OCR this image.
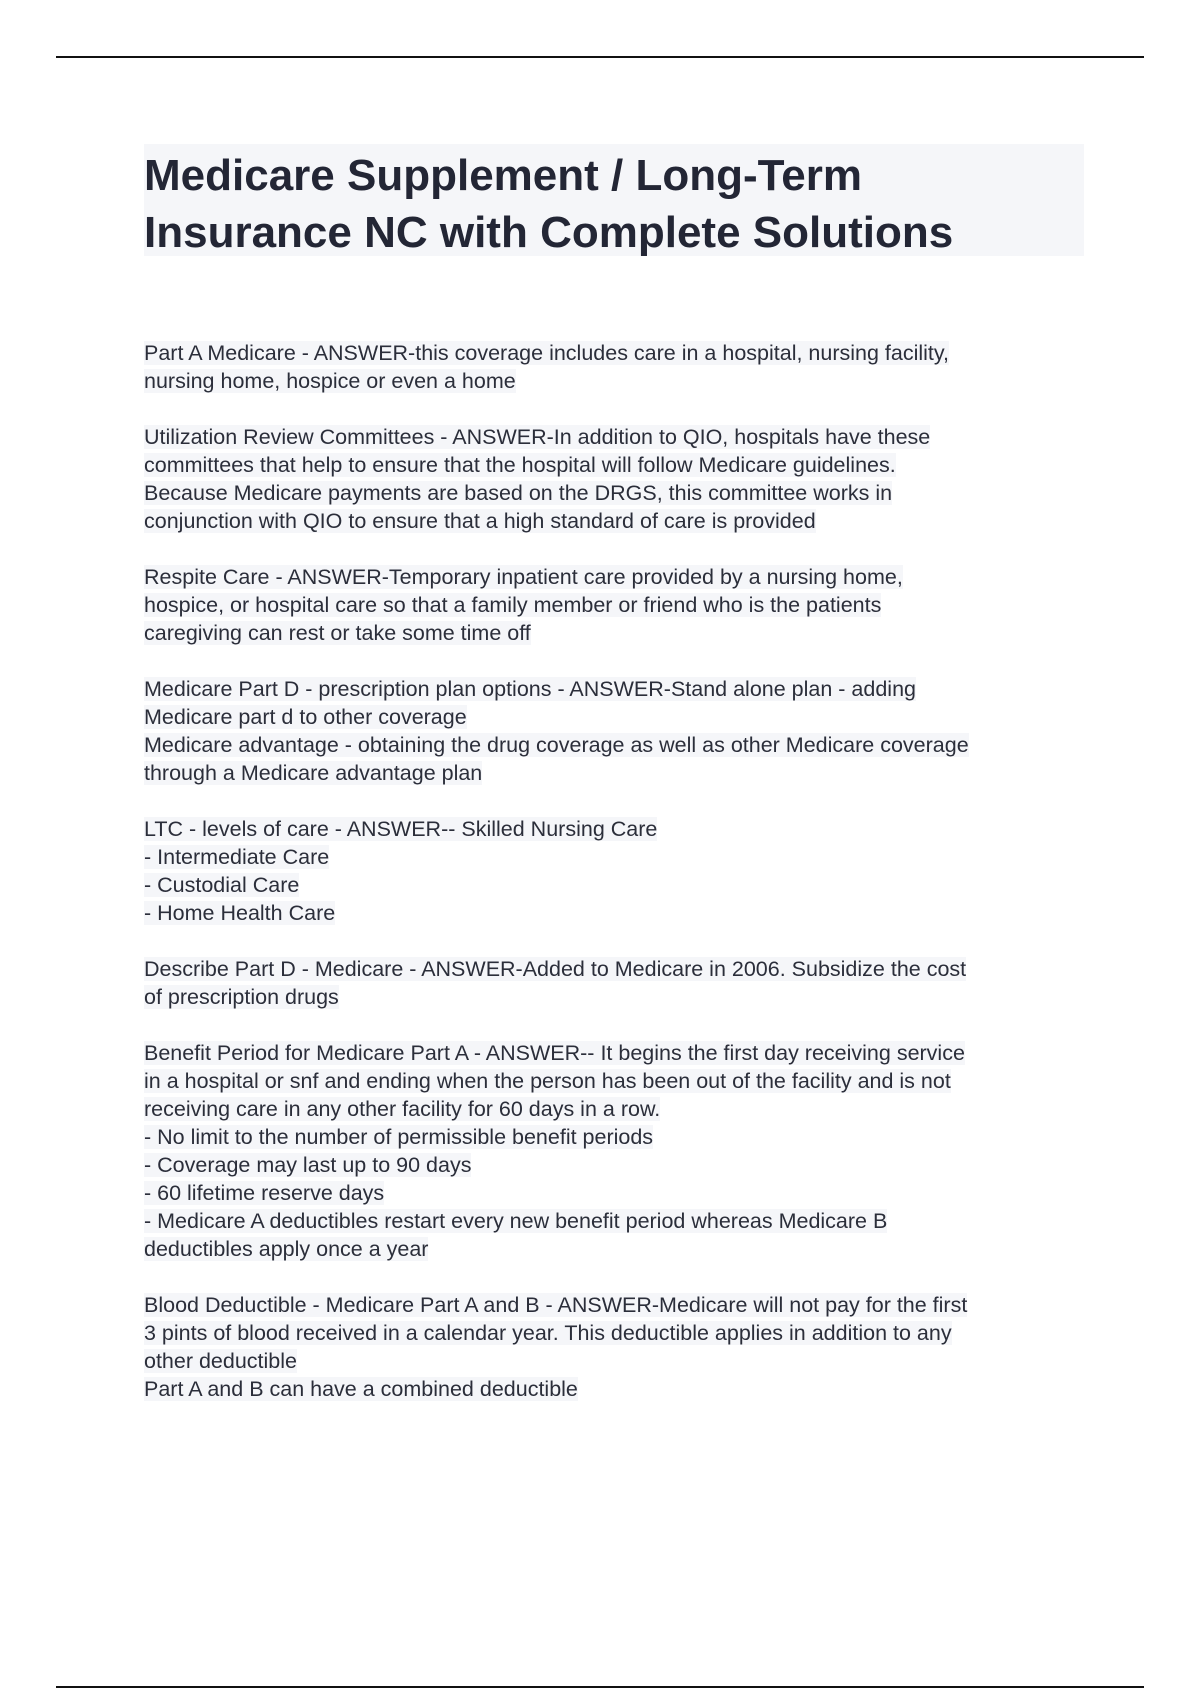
Medicare Supplement / Long-Term
Insurance NC with Complete Solutions
Part A Medicare - ANSWER-this coverage includes care in a hospital, nursing facility,
nursing home, hospice or even a home
Utilization Review Committees - ANSWER-In addition to QIO, hospitals have these
committees that help to ensure that the hospital will follow Medicare guidelines.
Because Medicare payments are based on the DRGS, this committee works in
conjunction with QIO to ensure that a high standard of care is provided
Respite Care - ANSWER-Temporary inpatient care provided by a nursing home,
hospice, or hospital care so that a family member or friend who is the patients
caregiving can rest or take some time off
Medicare Part D - prescription plan options - ANSWER-Stand alone plan - adding
Medicare part d to other coverage
Medicare advantage - obtaining the drug coverage as well as other Medicare coverage
through a Medicare advantage plan
LTC - levels of care - ANSWER-- Skilled Nursing Care
- Intermediate Care
- Custodial Care
- Home Health Care
Describe Part D - Medicare - ANSWER-Added to Medicare in 2006. Subsidize the cost
of prescription drugs
Benefit Period for Medicare Part A - ANSWER-- It begins the first day receiving service
in a hospital or snf and ending when the person has been out of the facility and is not
receiving care in any other facility for 60 days in a row.
- No limit to the number of permissible benefit periods
- Coverage may last up to 90 days
- 60 lifetime reserve days
- Medicare A deductibles restart every new benefit period whereas Medicare B
deductibles apply once a year
Blood Deductible - Medicare Part A and B - ANSWER-Medicare will not pay for the first
3 pints of blood received in a calendar year. This deductible applies in addition to any
other deductible
Part A and B can have a combined deductible
